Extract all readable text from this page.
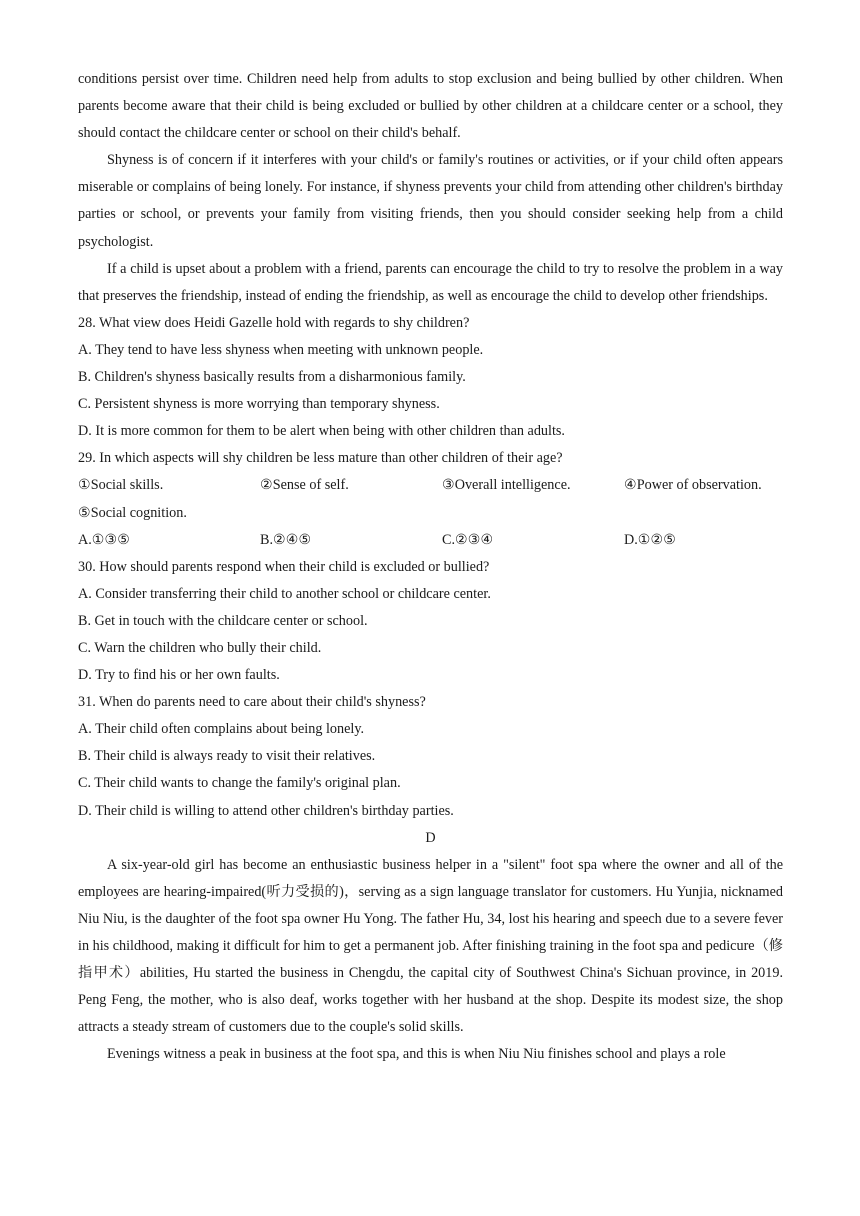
conditions persist over time. Children need help from adults to stop exclusion and being bullied by other children. When parents become aware that their child is being excluded or bullied by other children at a childcare center or a school, they should contact the childcare center or school on their child's behalf.

Shyness is of concern if it interferes with your child's or family's routines or activities, or if your child often appears miserable or complains of being lonely. For instance, if shyness prevents your child from attending other children's birthday parties or school, or prevents your family from visiting friends, then you should consider seeking help from a child psychologist.

If a child is upset about a problem with a friend, parents can encourage the child to try to resolve the problem in a way that preserves the friendship, instead of ending the friendship, as well as encourage the child to develop other friendships.

28. What view does Heidi Gazelle hold with regards to shy children?

A. They tend to have less shyness when meeting with unknown people.

B. Children's shyness basically results from a disharmonious family.

C. Persistent shyness is more worrying than temporary shyness.

D. It is more common for them to be alert when being with other children than adults.

29. In which aspects will shy children be less mature than other children of their age?

①Social skills.	②Sense of self.	③Overall intelligence.	④Power of observation.

⑤Social cognition.

A.①③⑤	B.②④⑤	C.②③④	D.①②⑤

30. How should parents respond when their child is excluded or bullied?

A. Consider transferring their child to another school or childcare center.

B. Get in touch with the childcare center or school.

C. Warn the children who bully their child.

D. Try to find his or her own faults.

31. When do parents need to care about their child's shyness?

A. Their child often complains about being lonely.

B. Their child is always ready to visit their relatives.

C. Their child wants to change the family's original plan.

D. Their child is willing to attend other children's birthday parties.

D

A six-year-old girl has become an enthusiastic business helper in a "silent" foot spa where the owner and all of the employees are hearing-impaired(听力受损的)，serving as a sign language translator for customers. Hu Yunjia, nicknamed Niu Niu, is the daughter of the foot spa owner Hu Yong. The father Hu, 34, lost his hearing and speech due to a severe fever in his childhood, making it difficult for him to get a permanent job. After finishing training in the foot spa and pedicure（修指甲术）abilities, Hu started the business in Chengdu, the capital city of Southwest China's Sichuan province, in 2019. Peng Feng, the mother, who is also deaf, works together with her husband at the shop. Despite its modest size, the shop attracts a steady stream of customers due to the couple's solid skills.

Evenings witness a peak in business at the foot spa, and this is when Niu Niu finishes school and plays a role
